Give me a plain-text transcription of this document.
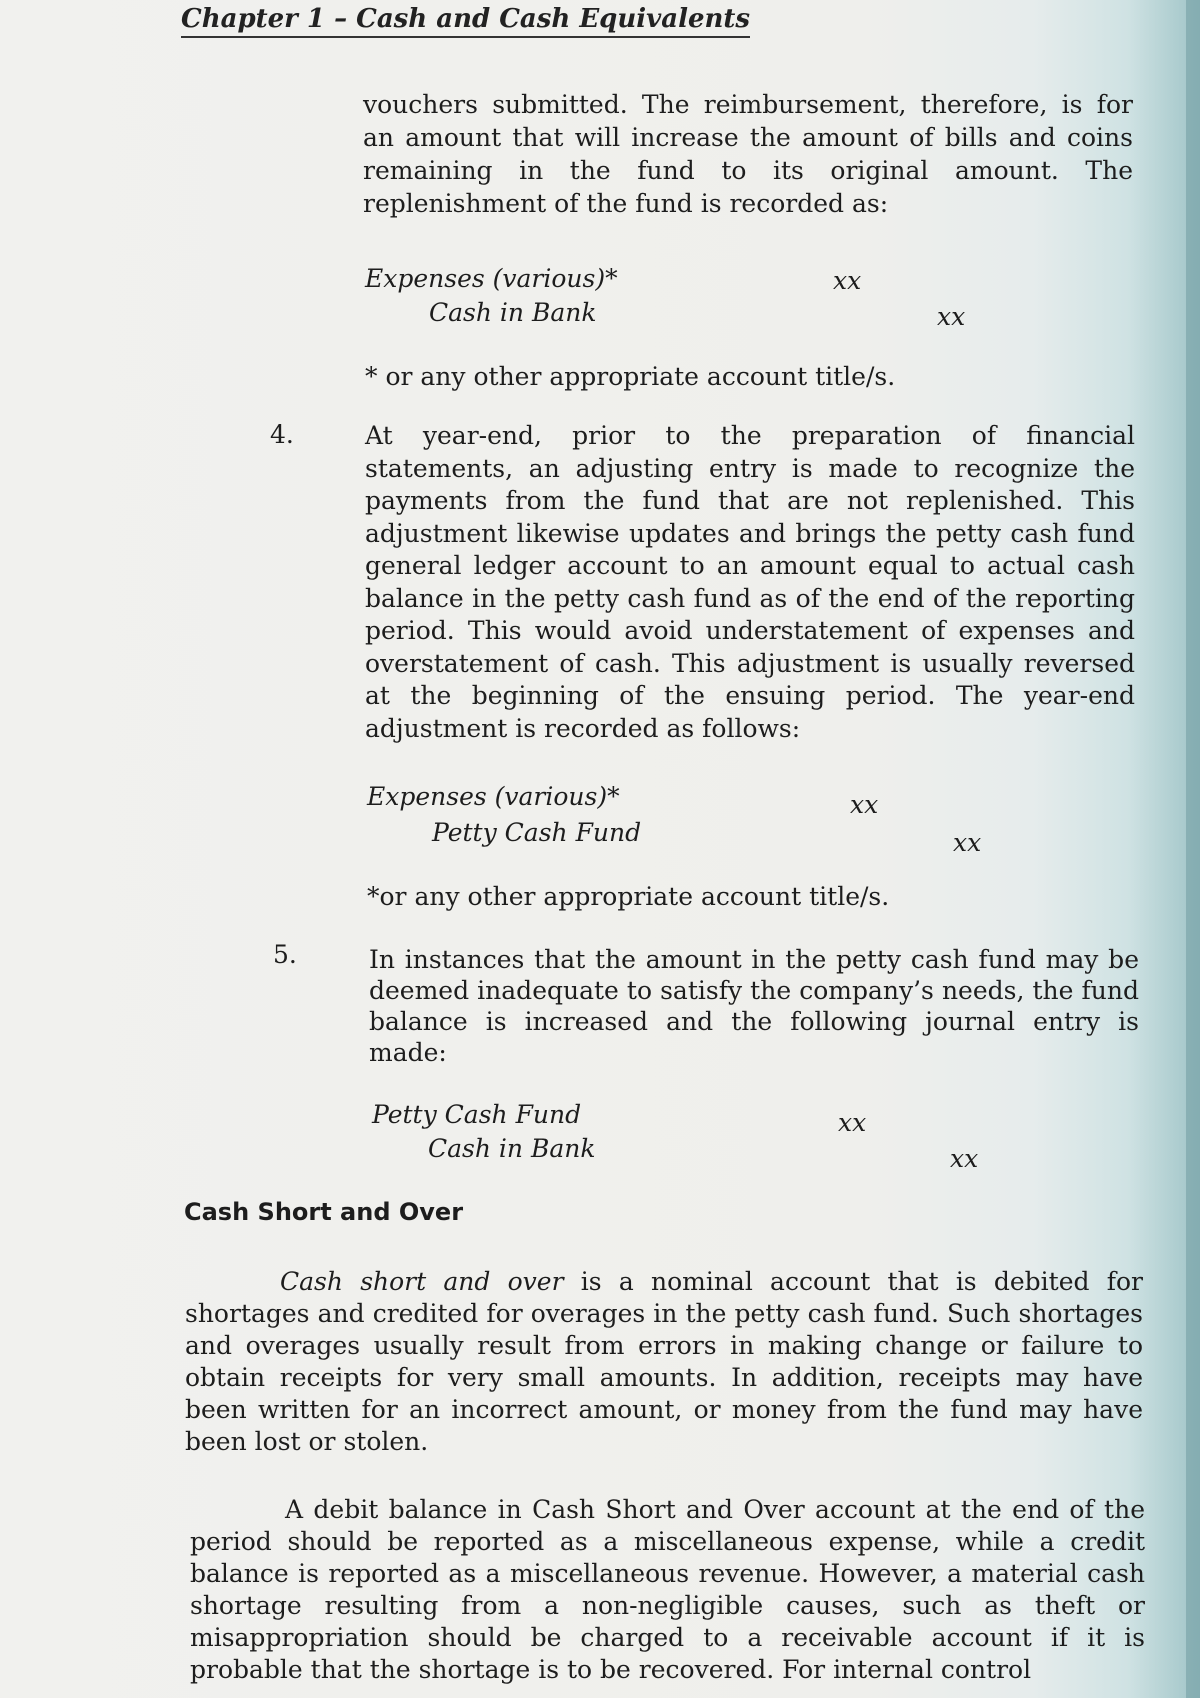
Chapter 1 – Cash and Cash Equivalents
vouchers submitted. The reimbursement, therefore, is for an amount that will increase the amount of bills and coins remaining in the fund to its original amount. The replenishment of the fund is recorded as:
Expenses (various)*	xx
Cash in Bank	xx
* or any other appropriate account title/s.
4.	At year-end, prior to the preparation of financial statements, an adjusting entry is made to recognize the payments from the fund that are not replenished. This adjustment likewise updates and brings the petty cash fund general ledger account to an amount equal to actual cash balance in the petty cash fund as of the end of the reporting period. This would avoid understatement of expenses and overstatement of cash. This adjustment is usually reversed at the beginning of the ensuing period. The year-end adjustment is recorded as follows:
Expenses (various)*	xx
Petty Cash Fund	xx
*or any other appropriate account title/s.
5.	In instances that the amount in the petty cash fund may be deemed inadequate to satisfy the company’s needs, the fund balance is increased and the following journal entry is made:
Petty Cash Fund	xx
Cash in Bank	xx
Cash Short and Over
Cash short and over is a nominal account that is debited for shortages and credited for overages in the petty cash fund. Such shortages and overages usually result from errors in making change or failure to obtain receipts for very small amounts. In addition, receipts may have been written for an incorrect amount, or money from the fund may have been lost or stolen.
A debit balance in Cash Short and Over account at the end of the period should be reported as a miscellaneous expense, while a credit balance is reported as a miscellaneous revenue. However, a material cash shortage resulting from a non-negligible causes, such as theft or misappropriation should be charged to a receivable account if it is probable that the shortage is to be recovered. For internal control
